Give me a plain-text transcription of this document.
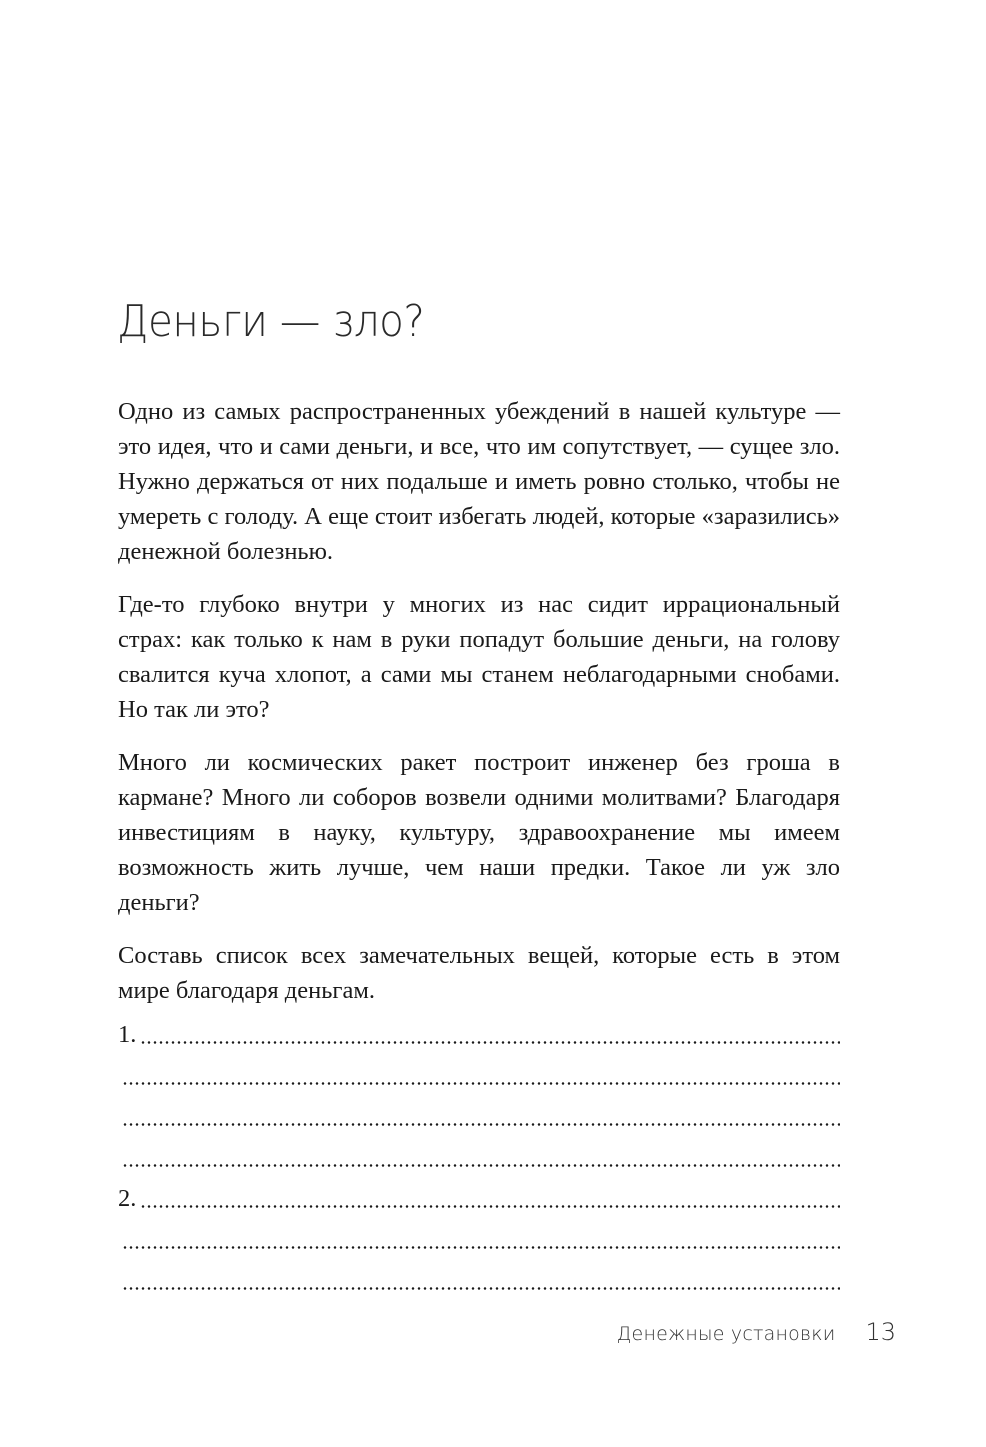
Деньги — зло?

Одно из самых распространенных убеждений в нашей культуре — это идея, что и сами деньги, и все, что им сопутствует, — сущее зло. Нужно держаться от них подальше и иметь ровно столько, чтобы не умереть с голоду. А еще стоит избегать людей, которые «заразились» денежной болезнью.

Где-то глубоко внутри у многих из нас сидит иррациональный страх: как только к нам в руки попадут большие деньги, на голову свалится куча хлопот, а сами мы станем неблагодарными снобами. Но так ли это?

Много ли космических ракет построит инженер без гроша в кармане? Много ли соборов возвели одними молитвами? Благодаря инвестициям в науку, культуру, здравоохранение мы имеем возможность жить лучше, чем наши предки. Такое ли уж зло деньги?

Составь список всех замечательных вещей, которые есть в этом мире благодаря деньгам.

1.
2.
Денежные установки 13
